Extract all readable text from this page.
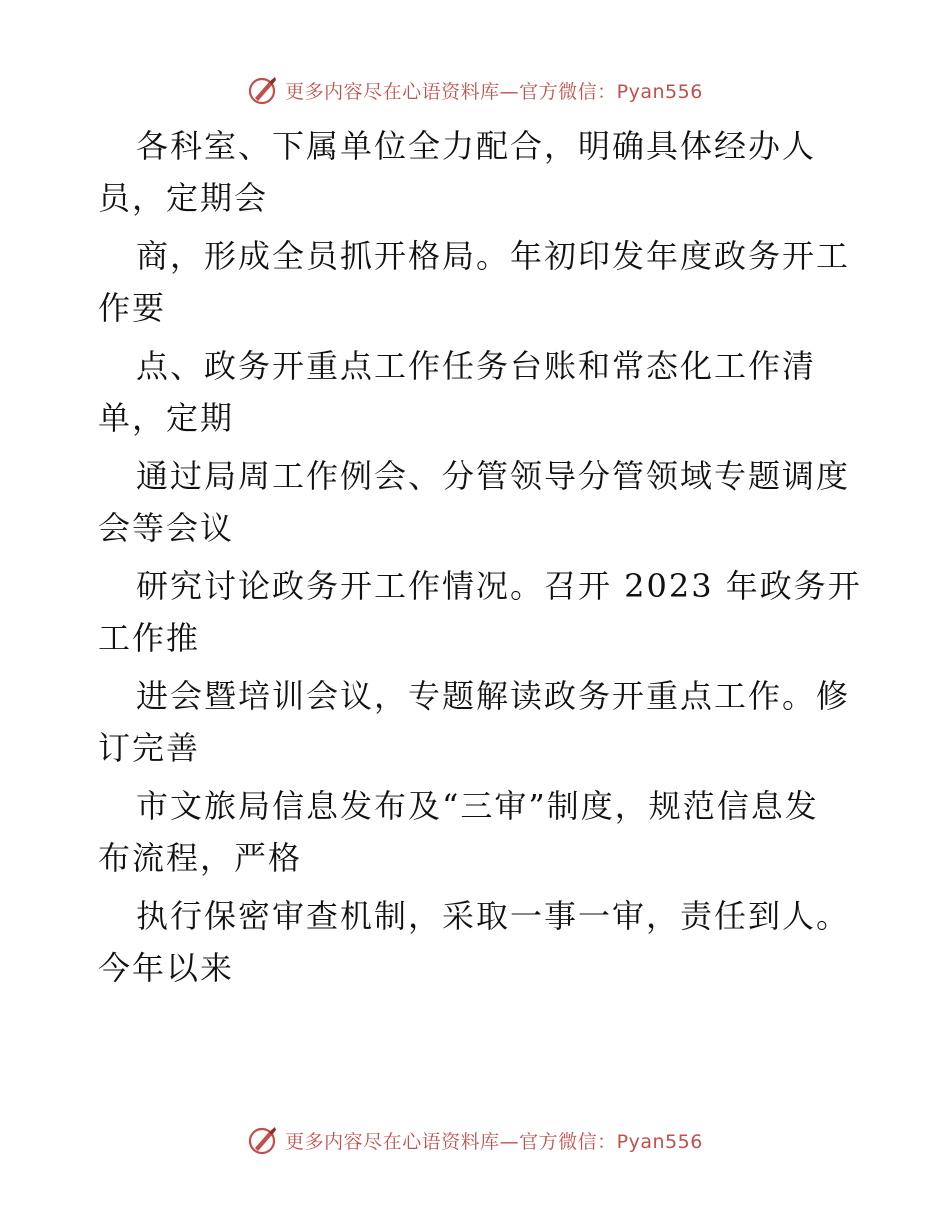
更多内容尽在心语资料库—官方微信：Pyan556
各科室、下属单位全力配合，明确具体经办人
员，定期会
商，形成全员抓开格局。年初印发年度政务开工
作要
点、政务开重点工作任务台账和常态化工作清
单，定期
通过局周工作例会、分管领导分管领域专题调度
会等会议
研究讨论政务开工作情况。召开 2023 年政务开
工作推
进会暨培训会议，专题解读政务开重点工作。修
订完善
市文旅局信息发布及“三审”制度，规范信息发
布流程，严格
执行保密审查机制，采取一事一审，责任到人。
今年以来
更多内容尽在心语资料库—官方微信：Pyan556
